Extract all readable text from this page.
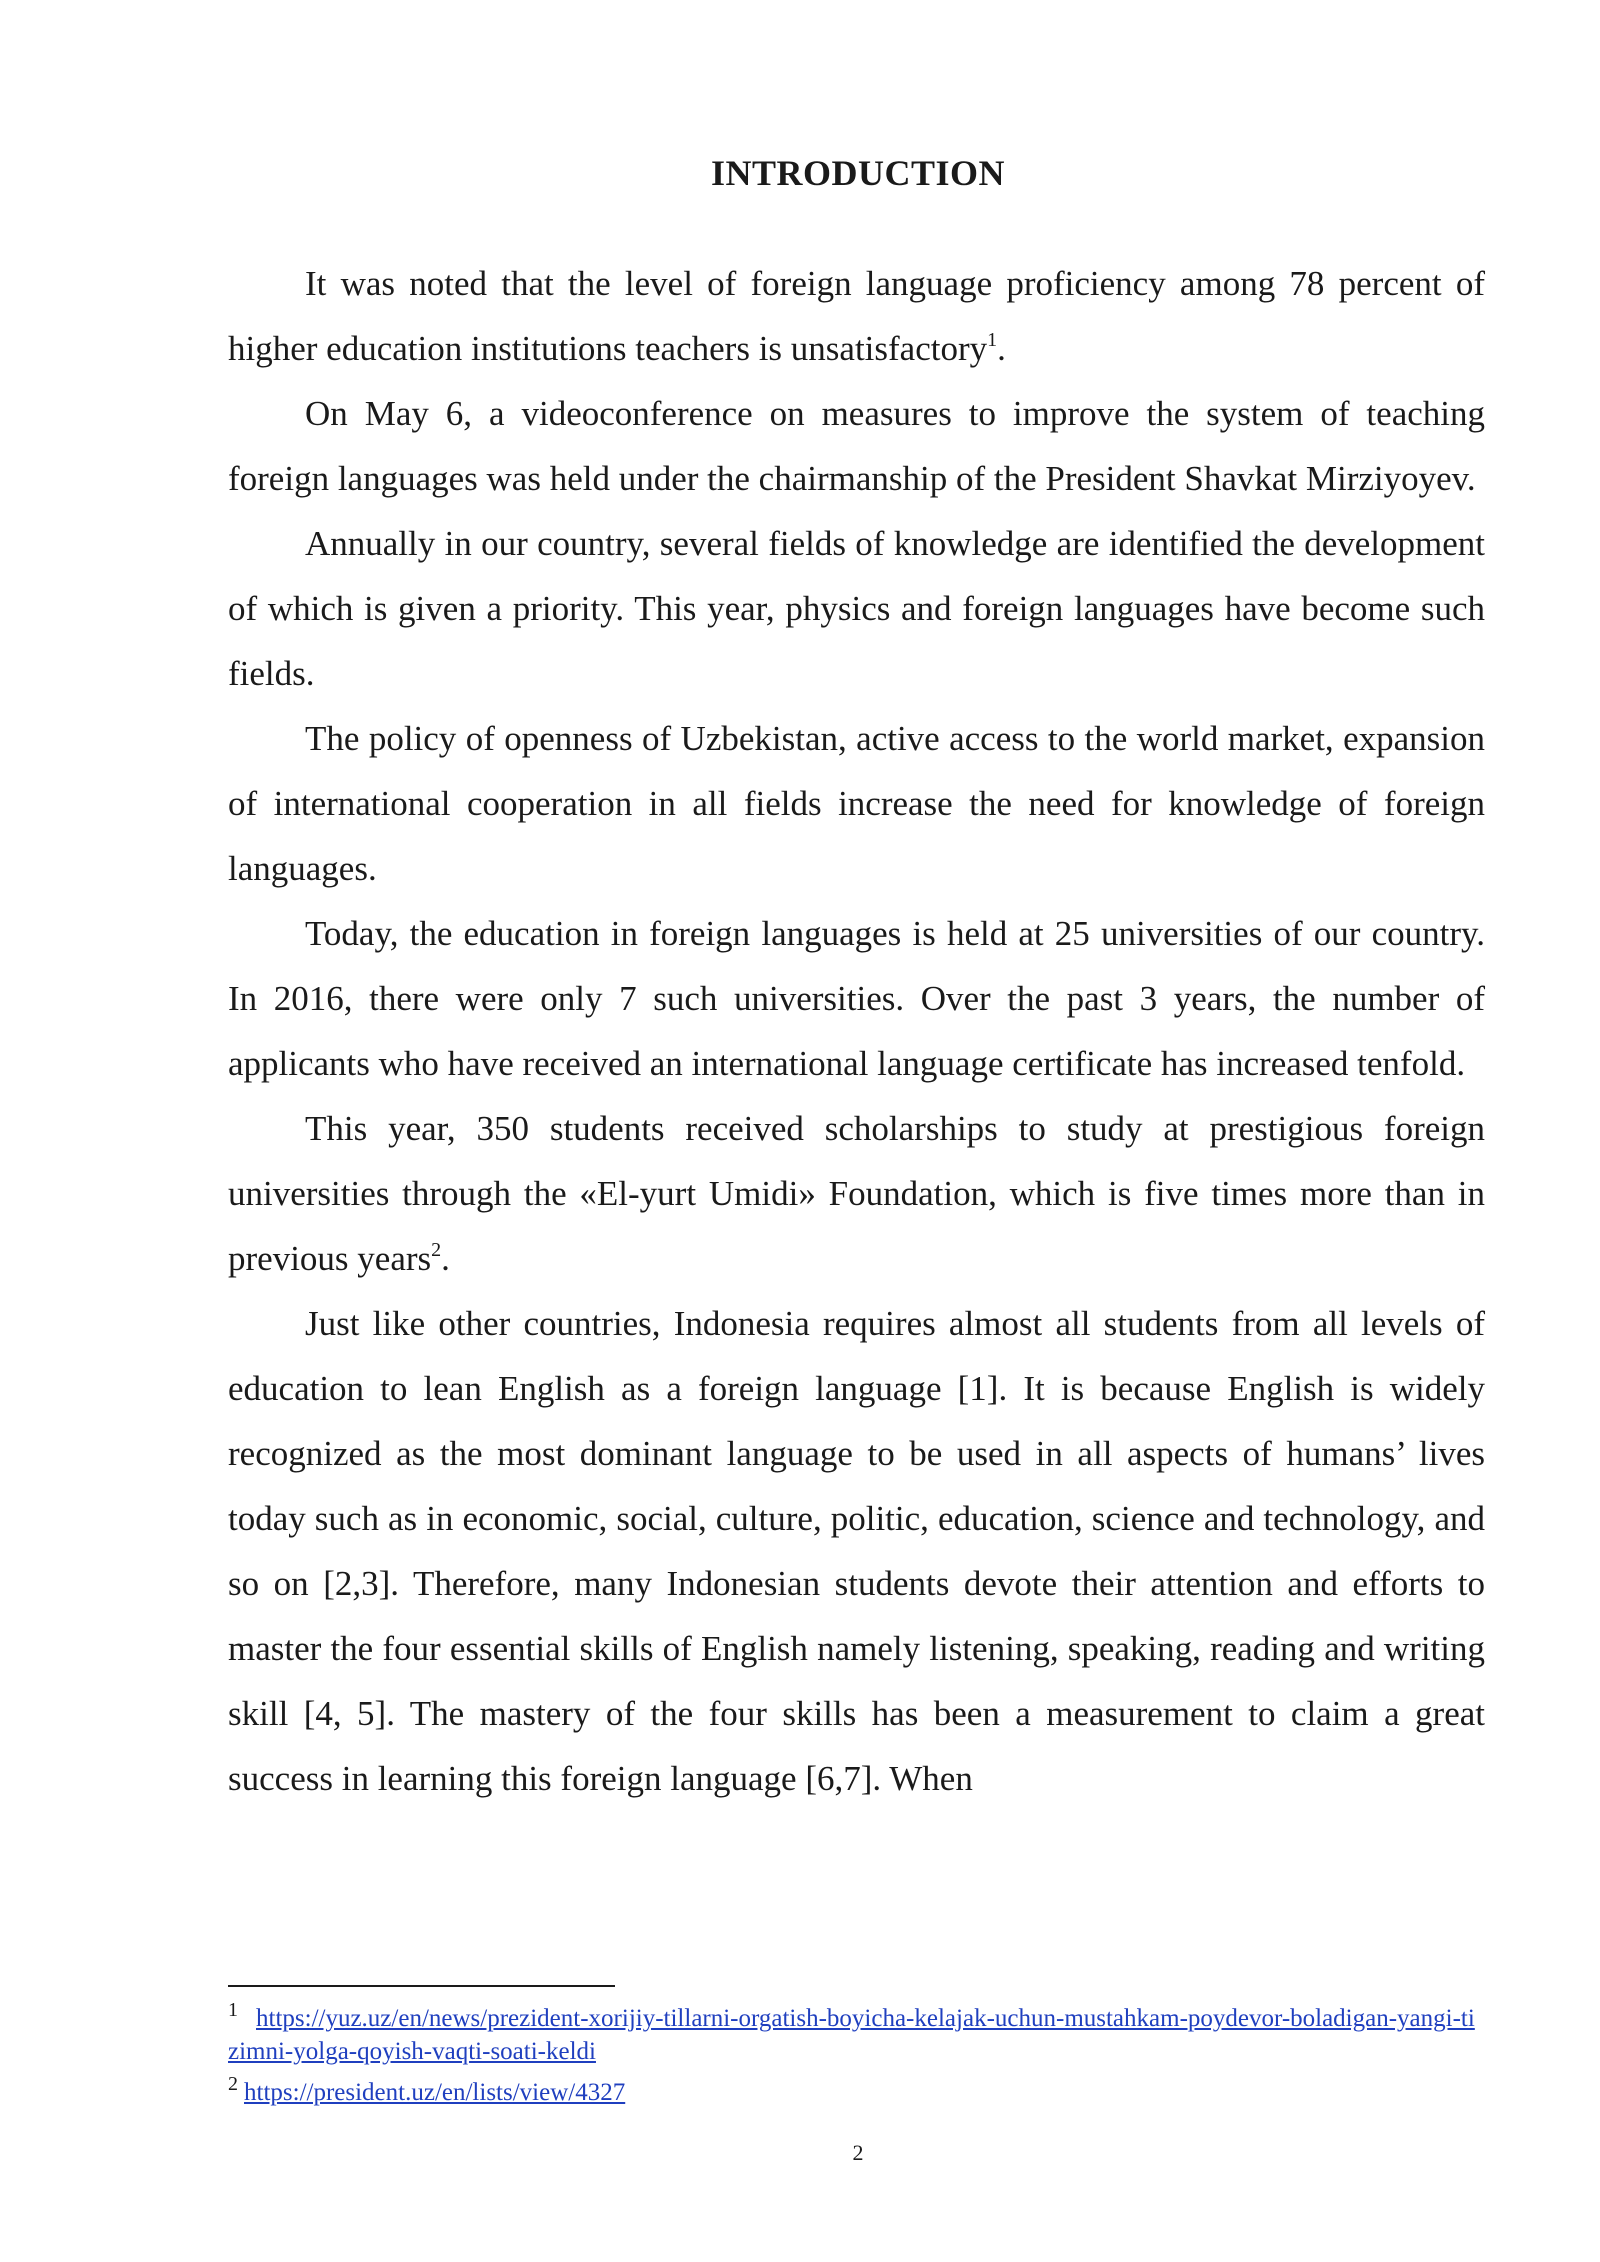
INTRODUCTION

It was noted that the level of foreign language proficiency among 78 percent of higher education institutions teachers is unsatisfactory$^1$.

On May 6, a videoconference on measures to improve the system of teaching foreign languages was held under the chairmanship of the President Shavkat Mirziyoyev.

Annually in our country, several fields of knowledge are identified the development of which is given a priority. This year, physics and foreign languages have become such fields.

The policy of openness of Uzbekistan, active access to the world market, expansion of international cooperation in all fields increase the need for knowledge of foreign languages.

Today, the education in foreign languages is held at 25 universities of our country. In 2016, there were only 7 such universities. Over the past 3 years, the number of applicants who have received an international language certificate has increased tenfold.

This year, 350 students received scholarships to study at prestigious foreign universities through the «El-yurt Umidi» Foundation, which is five times more than in previous years$^2$.

Just like other countries, Indonesia requires almost all students from all levels of education to lean English as a foreign language [1]. It is because English is widely recognized as the most dominant language to be used in all aspects of humans’ lives today such as in economic, social, culture, politic, education, science and technology, and so on [2,3]. Therefore, many Indonesian students devote their attention and efforts to master the four essential skills of English namely listening, speaking, reading and writing skill [4, 5]. The mastery of the four skills has been a measurement to claim a great success in learning this foreign language [6,7]. When

$^1$ https://yuz.uz/en/news/prezident-xorijiy-tillarni-orgatish-boyicha-kelajak-uchun-mustahkam-poydevor-boladigan-yangi-tizimni-yolga-qoyish-vaqti-soati-keldi

$^2$ https://president.uz/en/lists/view/4327

2
